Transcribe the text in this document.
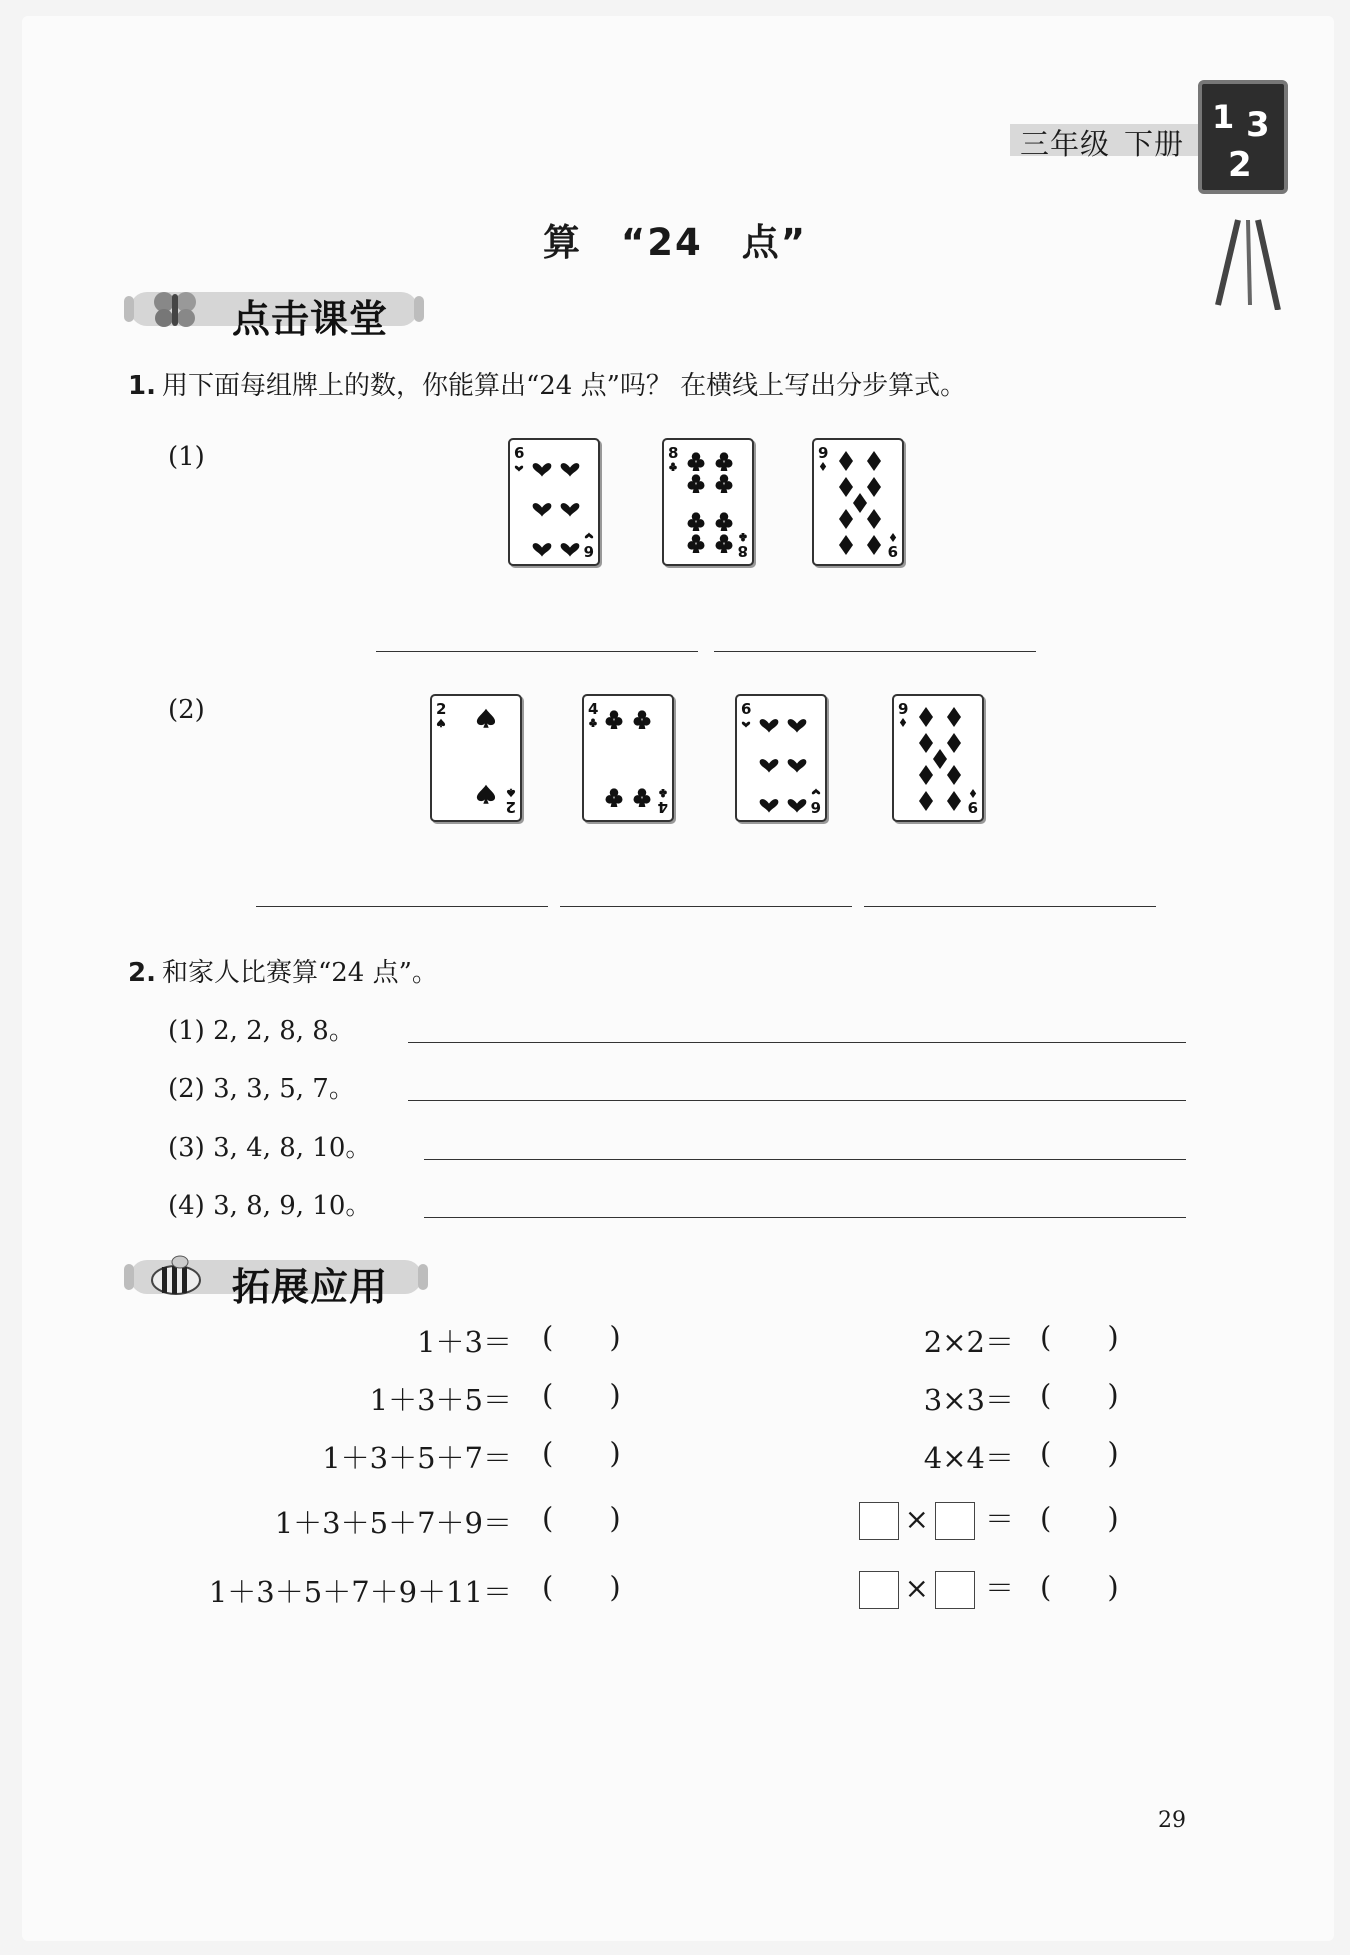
三年级 下册
1 3
2
算　“24　点”
点击课堂
1. 用下面每组牌上的数，你能算出“24 点”吗？ 在横线上写出分步算式。
(1)
(2)
6
6
8
8
9
9
2
2
4
4
6
6
9
9
2. 和家人比赛算“24 点”。
(1) 2, 2, 8, 8。
(2) 3, 3, 5, 7。
(3) 3, 4, 8, 10。
(4) 3, 8, 9, 10。
拓展应用
1＋3＝ ( )
1＋3＋5＝ ( )
1＋3＋5＋7＝ ( )
1＋3＋5＋7＋9＝ ( )
1＋3＋5＋7＋9＋11＝ ( )
2×2＝
3×3＝
4×4＝
× ＝
× ＝
( )
( )
( )
( )
( )
29
